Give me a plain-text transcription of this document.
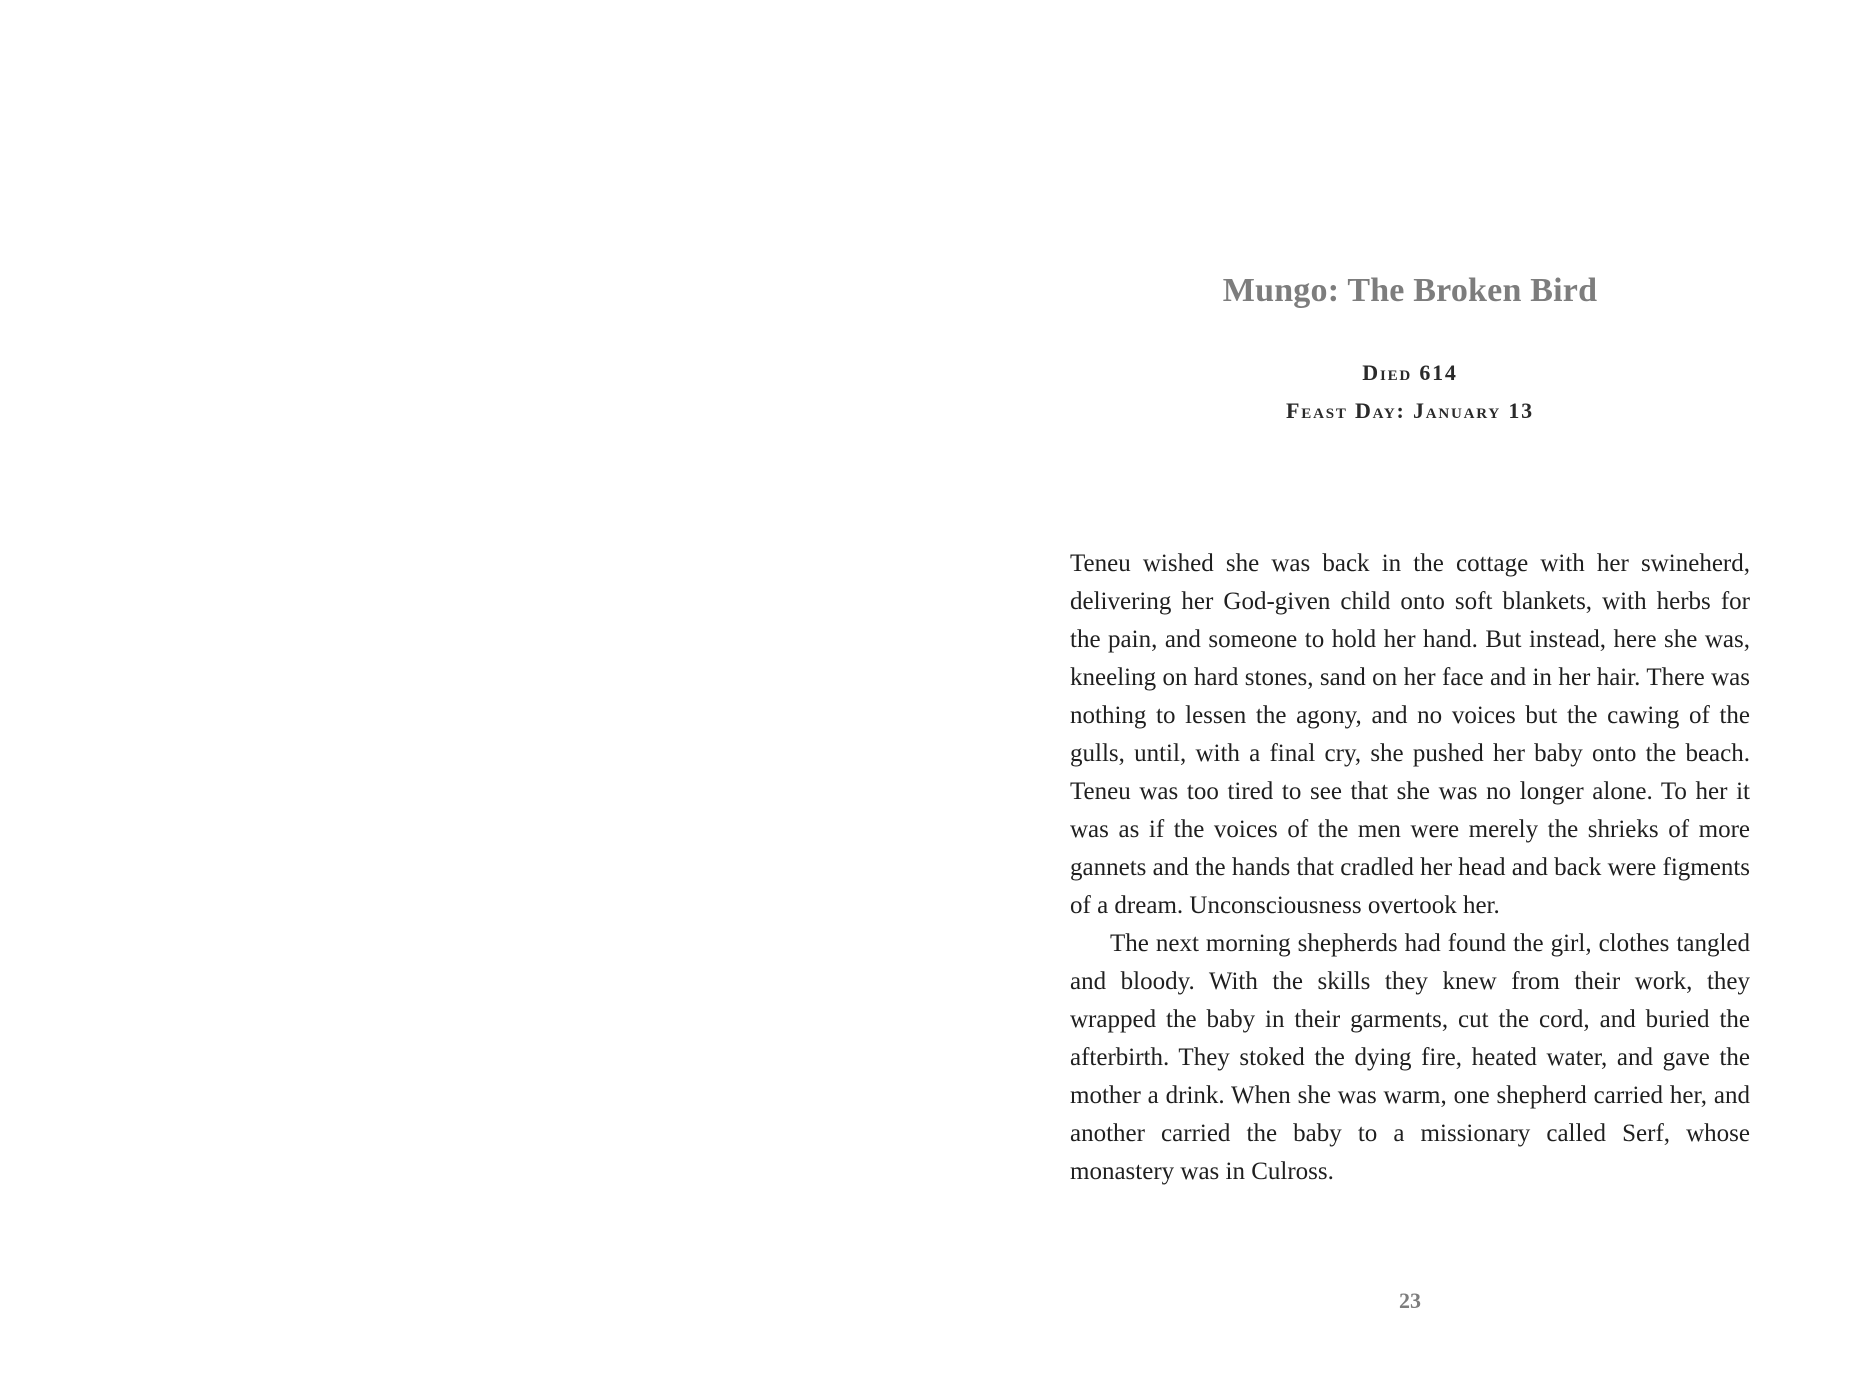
Mungo: The Broken Bird

Died 614

Feast Day: January 13

Teneu wished she was back in the cottage with her swineherd, delivering her God-given child onto soft blankets, with herbs for the pain, and someone to hold her hand. But instead, here she was, kneeling on hard stones, sand on her face and in her hair. There was nothing to lessen the agony, and no voices but the cawing of the gulls, until, with a final cry, she pushed her baby onto the beach. Teneu was too tired to see that she was no longer alone. To her it was as if the voices of the men were merely the shrieks of more gannets and the hands that cradled her head and back were figments of a dream. Unconsciousness overtook her.

The next morning shepherds had found the girl, clothes tangled and bloody. With the skills they knew from their work, they wrapped the baby in their garments, cut the cord, and buried the afterbirth. They stoked the dying fire, heated water, and gave the mother a drink. When she was warm, one shepherd carried her, and another carried the baby to a missionary called Serf, whose monastery was in Culross.

23
